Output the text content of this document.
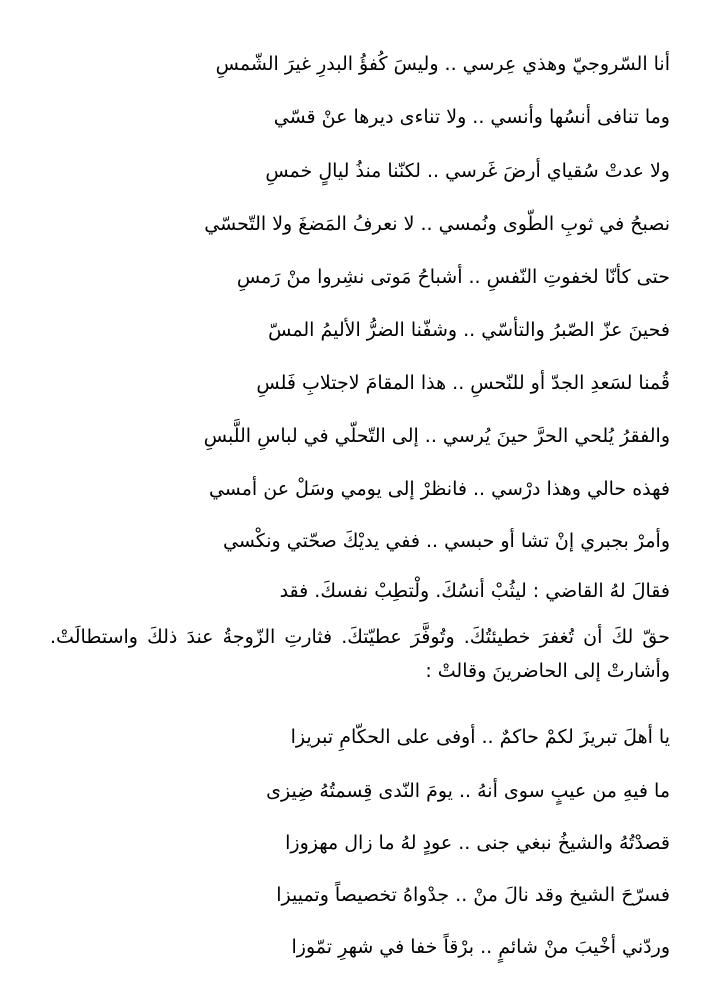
أنا السّروجيّ وهذي عِرسي .. وليسَ كُفؤُ البدرِ غيرَ الشّمسِ
وما تنافى أنسُها وأنسي .. ولا تناءى ديرها عنْ قسّي
ولا عدتْ سُقياي أرضَ غَرسي .. لكنّنا منذُ ليالٍ خمسِ
نصبحُ في ثوبِ الطّوى ونُمسي .. لا نعرفُ المَضغَ ولا التّحسّي
حتى كأنّا لخفوتِ النّفسِ .. أشباحُ مَوتى نشِروا منْ رَمسِ
فحينَ عزّ الصّبرُ والتأسّي .. وشفّنا الضرُّ الأليمُ المسّ
قُمنا لسَعدِ الجدّ أو للنّحسِ .. هذا المقامَ لاجتلابِ فَلسِ
والفقرُ يُلحي الحرَّ حينَ يُرسي .. إلى التّحلّي في لباسِ اللَّبسِ
فهذه حالي وهذا درْسي .. فانظرْ إلى يومي وسَلْ عن أمسي
وأمرْ بجبري إنْ تشا أو حبسي .. ففي يديْكَ صحّتي ونكْسي
فقالَ لهُ القاضي : ليثُبْ أنسُكَ. ولْتطِبْ نفسكَ. فقد
حقّ لكَ أن تُغفرَ خطيئتُكَ. وتُوفَّرَ عطيّتكَ. فثارتِ الزّوجةُ عندَ ذلكَ واستطالَتْ. وأشارتْ إلى الحاضرينَ وقالتْ :
يا أهلَ تبريزَ لكمْ حاكمٌ .. أوفى على الحكّامِ تبريزا
ما فيهِ من عيبٍ سوى أنهُ .. يومَ النّدى قِسمتُهُ ضِيزى
قصدْتُهُ والشيخُ نبغي جنى .. عودٍ لهُ ما زال مهزوزا
فسرّحَ الشيخ وقد نالَ منْ .. جدْواهُ تخصيصاً وتمييزا
وردّني أخْيبَ منْ شائمٍ .. برْقاً خفا في شهرِ تمّوزا
